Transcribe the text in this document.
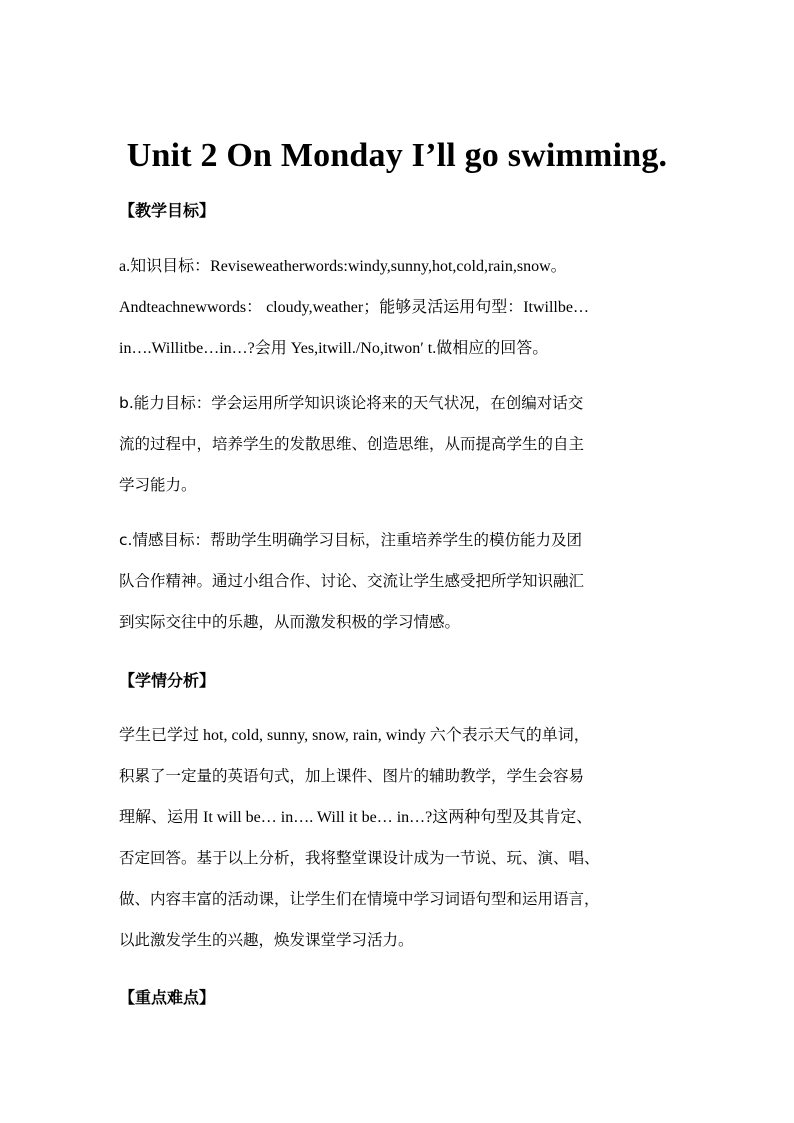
Unit 2 On Monday I’ll go swimming.
【教学目标】
a.知识目标：Reviseweatherwords:windy,sunny,hot,cold,rain,snow。
Andteachnewwords： cloudy,weather；能够灵活运用句型：Itwillbe…
in….Willitbe…in…?会用 Yes,itwill./No,itwon′ t.做相应的回答。
b.能力目标：学会运用所学知识谈论将来的天气状况，在创编对话交
流的过程中，培养学生的发散思维、创造思维，从而提高学生的自主
学习能力。
c.情感目标：帮助学生明确学习目标，注重培养学生的模仿能力及团
队合作精神。通过小组合作、讨论、交流让学生感受把所学知识融汇
到实际交往中的乐趣，从而激发积极的学习情感。
【学情分析】
学生已学过 hot, cold, sunny, snow, rain, windy 六个表示天气的单词，
积累了一定量的英语句式，加上课件、图片的辅助教学，学生会容易
理解、运用 It will be… in…. Will it be… in…?这两种句型及其肯定、
否定回答。基于以上分析，我将整堂课设计成为一节说、玩、演、唱、
做、内容丰富的活动课，让学生们在情境中学习词语句型和运用语言，
以此激发学生的兴趣，焕发课堂学习活力。
【重点难点】
